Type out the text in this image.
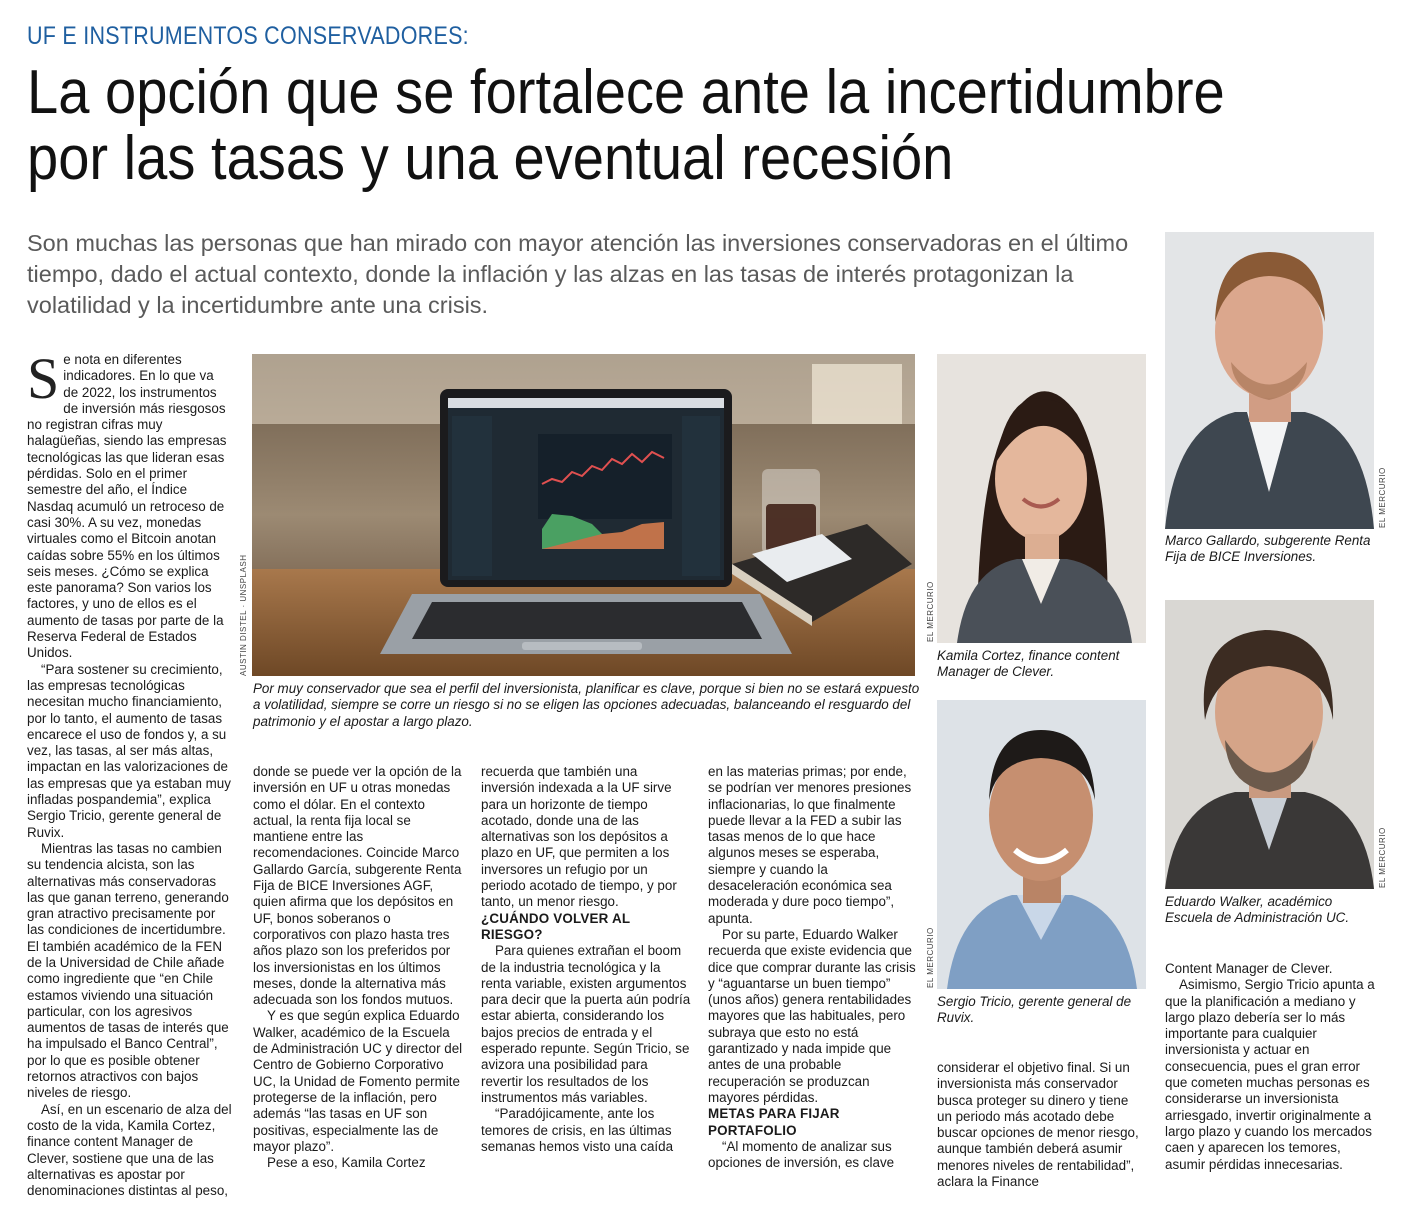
UF E INSTRUMENTOS CONSERVADORES:
La opción que se fortalece ante la incertidumbre
por las tasas y una eventual recesión
Son muchas las personas que han mirado con mayor atención las inversiones conservadoras en el último tiempo, dado el actual contexto, donde la inflación y las alzas en las tasas de interés protagonizan la volatilidad y la incertidumbre ante una crisis.

Se nota en diferentes indicadores. En lo que va de 2022, los instrumentos de inversión más riesgosos no registran cifras muy halagüeñas, siendo las empresas tecnológicas las que lideran esas pérdidas. Solo en el primer semestre del año, el Índice Nasdaq acumuló un retroceso de casi 30%. A su vez, monedas virtuales como el Bitcoin anotan caídas sobre 55% en los últimos seis meses. ¿Cómo se explica este panorama? Son varios los factores, y uno de ellos es el aumento de tasas por parte de la Reserva Federal de Estados Unidos.

“Para sostener su crecimiento, las empresas tecnológicas necesitan mucho financiamiento, por lo tanto, el aumento de tasas encarece el uso de fondos y, a su vez, las tasas, al ser más altas, impactan en las valorizaciones de las empresas que ya estaban muy infladas pospandemia”, explica Sergio Tricio, gerente general de Ruvix.

Mientras las tasas no cambien su tendencia alcista, son las alternativas más conservadoras las que ganan terreno, generando gran atractivo precisamente por las condiciones de incertidumbre. El también académico de la FEN de la Universidad de Chile añade como ingrediente que “en Chile estamos viviendo una situación particular, con los agresivos aumentos de tasas de interés que ha impulsado el Banco Central”, por lo que es posible obtener retornos atractivos con bajos niveles de riesgo.

Así, en un escenario de alza del costo de la vida, Kamila Cortez, finance content Manager de Clever, sostiene que una de las alternativas es apostar por denominaciones distintas al peso,

AUSTIN DISTEL · UNSPLASH
Por muy conservador que sea el perfil del inversionista, planificar es clave, porque si bien no se estará expuesto a volatilidad, siempre se corre un riesgo si no se eligen las opciones adecuadas, balanceando el resguardo del patrimonio y el apostar a largo plazo.

donde se puede ver la opción de la inversión en UF u otras monedas como el dólar. En el contexto actual, la renta fija local se mantiene entre las recomendaciones. Coincide Marco Gallardo García, subgerente Renta Fija de BICE Inversiones AGF, quien afirma que los depósitos en UF, bonos soberanos o corporativos con plazo hasta tres años plazo son los preferidos por los inversionistas en los últimos meses, donde la alternativa más adecuada son los fondos mutuos.

Y es que según explica Eduardo Walker, académico de la Escuela de Administración UC y director del Centro de Gobierno Corporativo UC, la Unidad de Fomento permite protegerse de la inflación, pero además “las tasas en UF son positivas, especialmente las de mayor plazo”.

Pese a eso, Kamila Cortez

recuerda que también una inversión indexada a la UF sirve para un horizonte de tiempo acotado, donde una de las alternativas son los depósitos a plazo en UF, que permiten a los inversores un refugio por un periodo acotado de tiempo, y por tanto, un menor riesgo.

¿CUÁNDO VOLVER AL RIESGO?

Para quienes extrañan el boom de la industria tecnológica y la renta variable, existen argumentos para decir que la puerta aún podría estar abierta, considerando los bajos precios de entrada y el esperado repunte. Según Tricio, se avizora una posibilidad para revertir los resultados de los instrumentos más variables.

“Paradójicamente, ante los temores de crisis, en las últimas semanas hemos visto una caída

en las materias primas; por ende, se podrían ver menores presiones inflacionarias, lo que finalmente puede llevar a la FED a subir las tasas menos de lo que hace algunos meses se esperaba, siempre y cuando la desaceleración económica sea moderada y dure poco tiempo”, apunta.

Por su parte, Eduardo Walker recuerda que existe evidencia que dice que comprar durante las crisis y “aguantarse un buen tiempo” (unos años) genera rentabilidades mayores que las habituales, pero subraya que esto no está garantizado y nada impide que antes de una probable recuperación se produzcan mayores pérdidas.

METAS PARA FIJAR PORTAFOLIO

“Al momento de analizar sus opciones de inversión, es clave

EL MERCURIO
Kamila Cortez, finance content Manager de Clever.
EL MERCURIO
Sergio Tricio, gerente general de Ruvix.

considerar el objetivo final. Si un inversionista más conservador busca proteger su dinero y tiene un periodo más acotado debe buscar opciones de menor riesgo, aunque también deberá asumir menores niveles de rentabilidad”, aclara la Finance

EL MERCURIO
Marco Gallardo, subgerente Renta Fija de BICE Inversiones.
EL MERCURIO
Eduardo Walker, académico Escuela de Administración UC.

Content Manager de Clever.

Asimismo, Sergio Tricio apunta a que la planificación a mediano y largo plazo debería ser lo más importante para cualquier inversionista y actuar en consecuencia, pues el gran error que cometen muchas personas es considerarse un inversionista arriesgado, invertir originalmente a largo plazo y cuando los mercados caen y aparecen los temores, asumir pérdidas innecesarias.
